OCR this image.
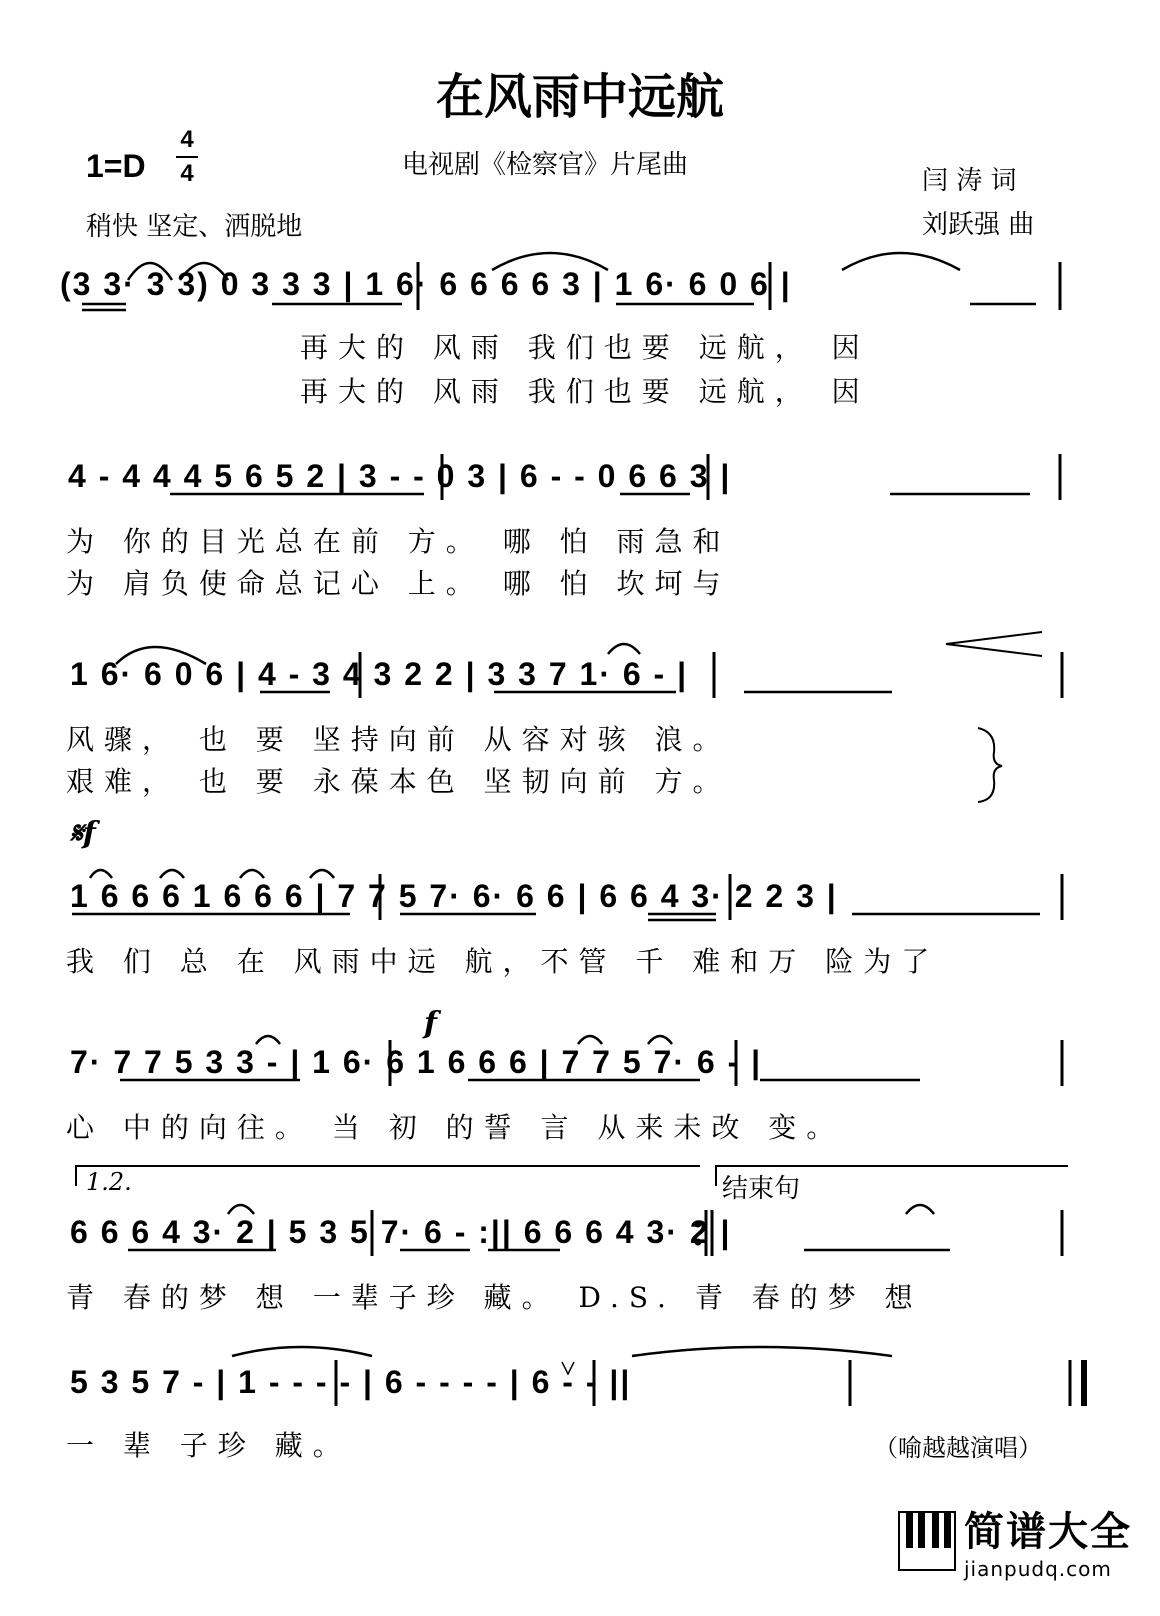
在风雨中远航
1=D
4
4	电视剧《检察官》片尾曲
闫 涛 词
稍快 坚定、洒脱地	刘跃强 曲
(3 3· 3 3) 0 3 3 3 | 1 6· 6 6 6 6 3 | 1 6· 6 0 6 |
再大的 风雨 我们也要 远航， 因
再大的 风雨 我们也要 远航， 因
4 - 4 4 4 5 6 5 2 | 3 - - 0 3 | 6 - - 0 6 6 3 |
为 你的目光总在前 方。 哪 怕 雨急和
为 肩负使命总记心 上。 哪 怕 坎坷与
1 6· 6 0 6 | 4 - 3 4 3 2 2 | 3 3 7 1· 6 - |
风骤， 也 要 坚持向前 从容对骇 浪。
艰难， 也 要 永葆本色 坚韧向前 方。
𝄋f
1 6 6 6 1 6 6 6 | 7 7 5 7· 6· 6 6 | 6 6 4 3· 2 2 3 |
我 们 总 在 风雨中远 航，不管 千 难和万 险为了
f
7· 7 7 5 3 3 - | 1 6· 6 1 6 6 6 | 7 7 5 7· 6 - |
心 中的向往。 当 初 的誓 言 从来未改 变。
1.2.	结束句
6 6 6 4 3· 2 | 5 3 5 7· 6 - :|| 6 6 6 4 3· 2 |
青 春的梦 想 一辈子珍 藏。 D.S. 青 春的梦 想
5 3 5 7 - | 1 - - - - | 6 - - - - | 6 - - ||
一 辈 子珍 藏。	（喻越越演唱）
简谱大全
jianpudq.com
